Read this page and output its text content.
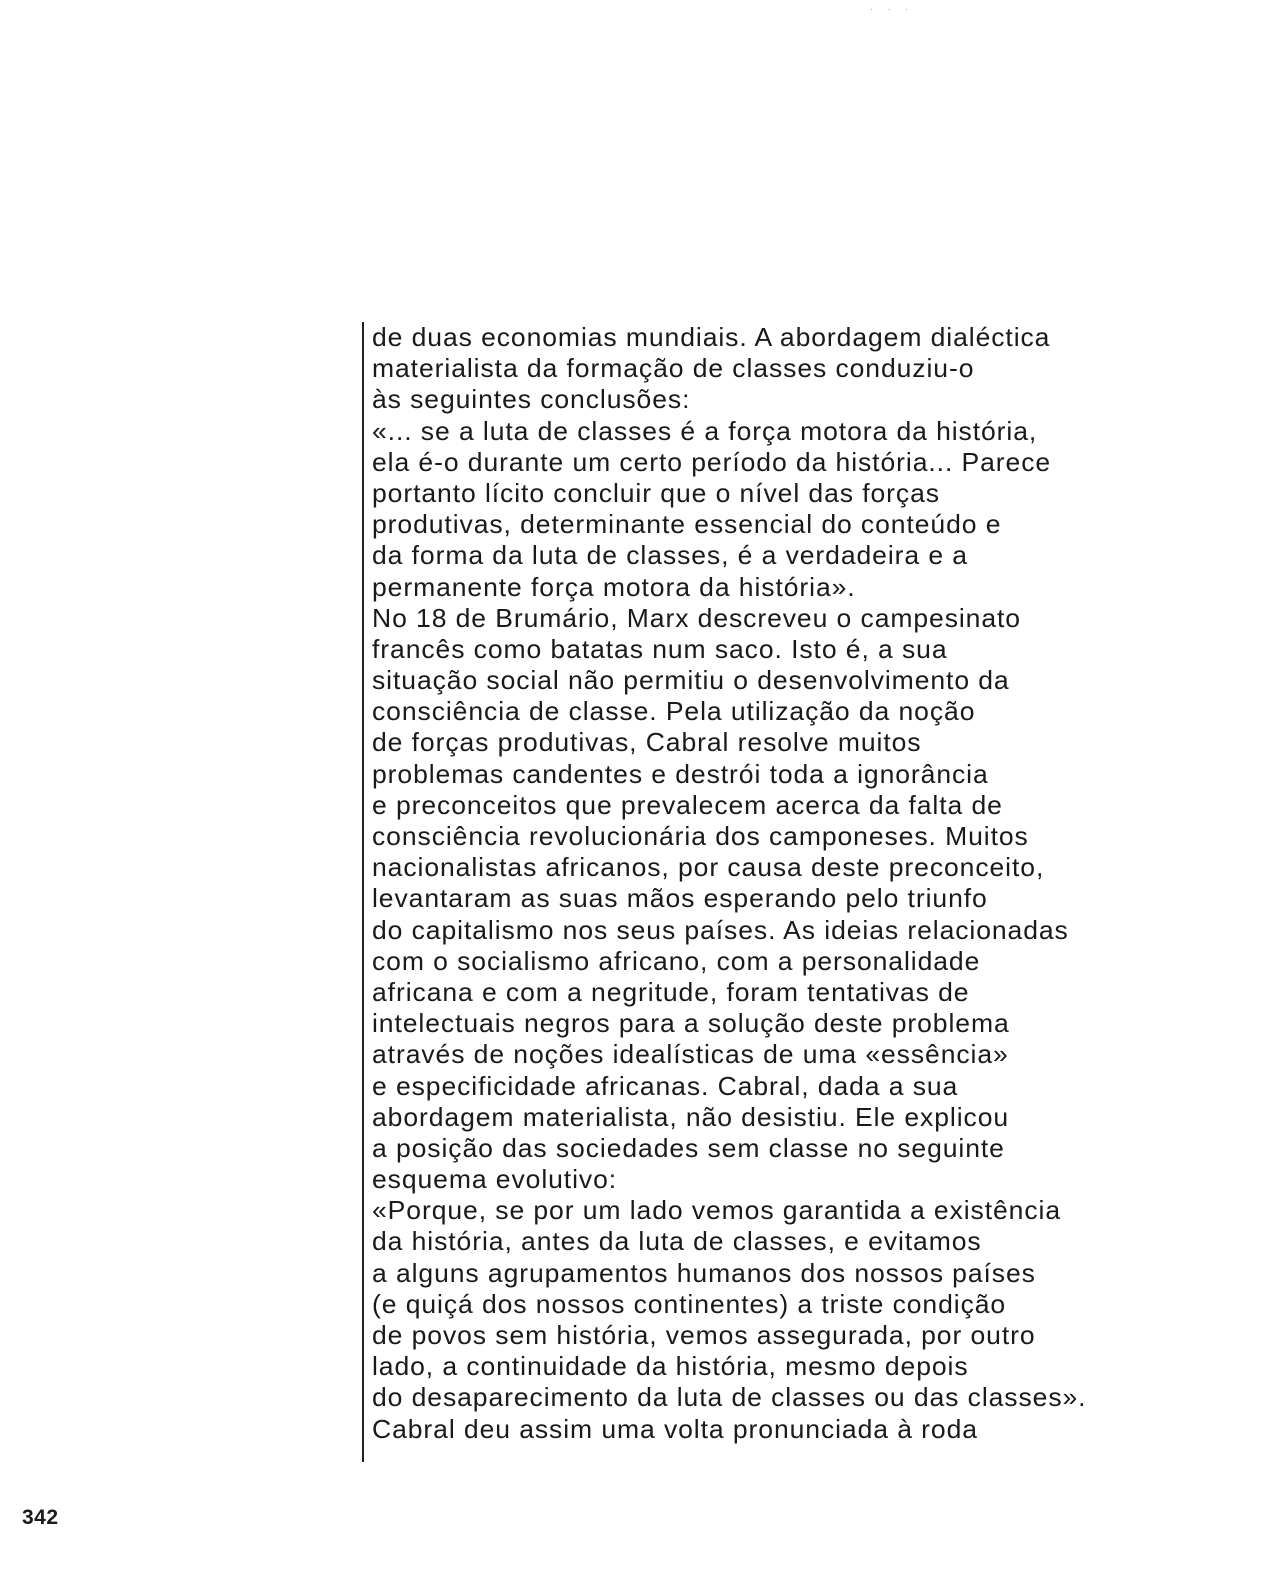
· · ·
de duas economias mundiais. A abordagem dialéctica
materialista da formação de classes conduziu-o
às seguintes conclusões:
«... se a luta de classes é a força motora da história,
ela é-o durante um certo período da história... Parece
portanto lícito concluir que o nível das forças
produtivas, determinante essencial do conteúdo e
da forma da luta de classes, é a verdadeira e a
permanente força motora da história».
No 18 de Brumário, Marx descreveu o campesinato
francês como batatas num saco. Isto é, a sua
situação social não permitiu o desenvolvimento da
consciência de classe. Pela utilização da noção
de forças produtivas, Cabral resolve muitos
problemas candentes e destrói toda a ignorância
e preconceitos que prevalecem acerca da falta de
consciência revolucionária dos camponeses. Muitos
nacionalistas africanos, por causa deste preconceito,
levantaram as suas mãos esperando pelo triunfo
do capitalismo nos seus países. As ideias relacionadas
com o socialismo africano, com a personalidade
africana e com a negritude, foram tentativas de
intelectuais negros para a solução deste problema
através de noções idealísticas de uma «essência»
e especificidade africanas. Cabral, dada a sua
abordagem materialista, não desistiu. Ele explicou
a posição das sociedades sem classe no seguinte
esquema evolutivo:
«Porque, se por um lado vemos garantida a existência
da história, antes da luta de classes, e evitamos
a alguns agrupamentos humanos dos nossos países
(e quiçá dos nossos continentes) a triste condição
de povos sem história, vemos assegurada, por outro
lado, a continuidade da história, mesmo depois
do desaparecimento da luta de classes ou das classes».
Cabral deu assim uma volta pronunciada à roda
342
